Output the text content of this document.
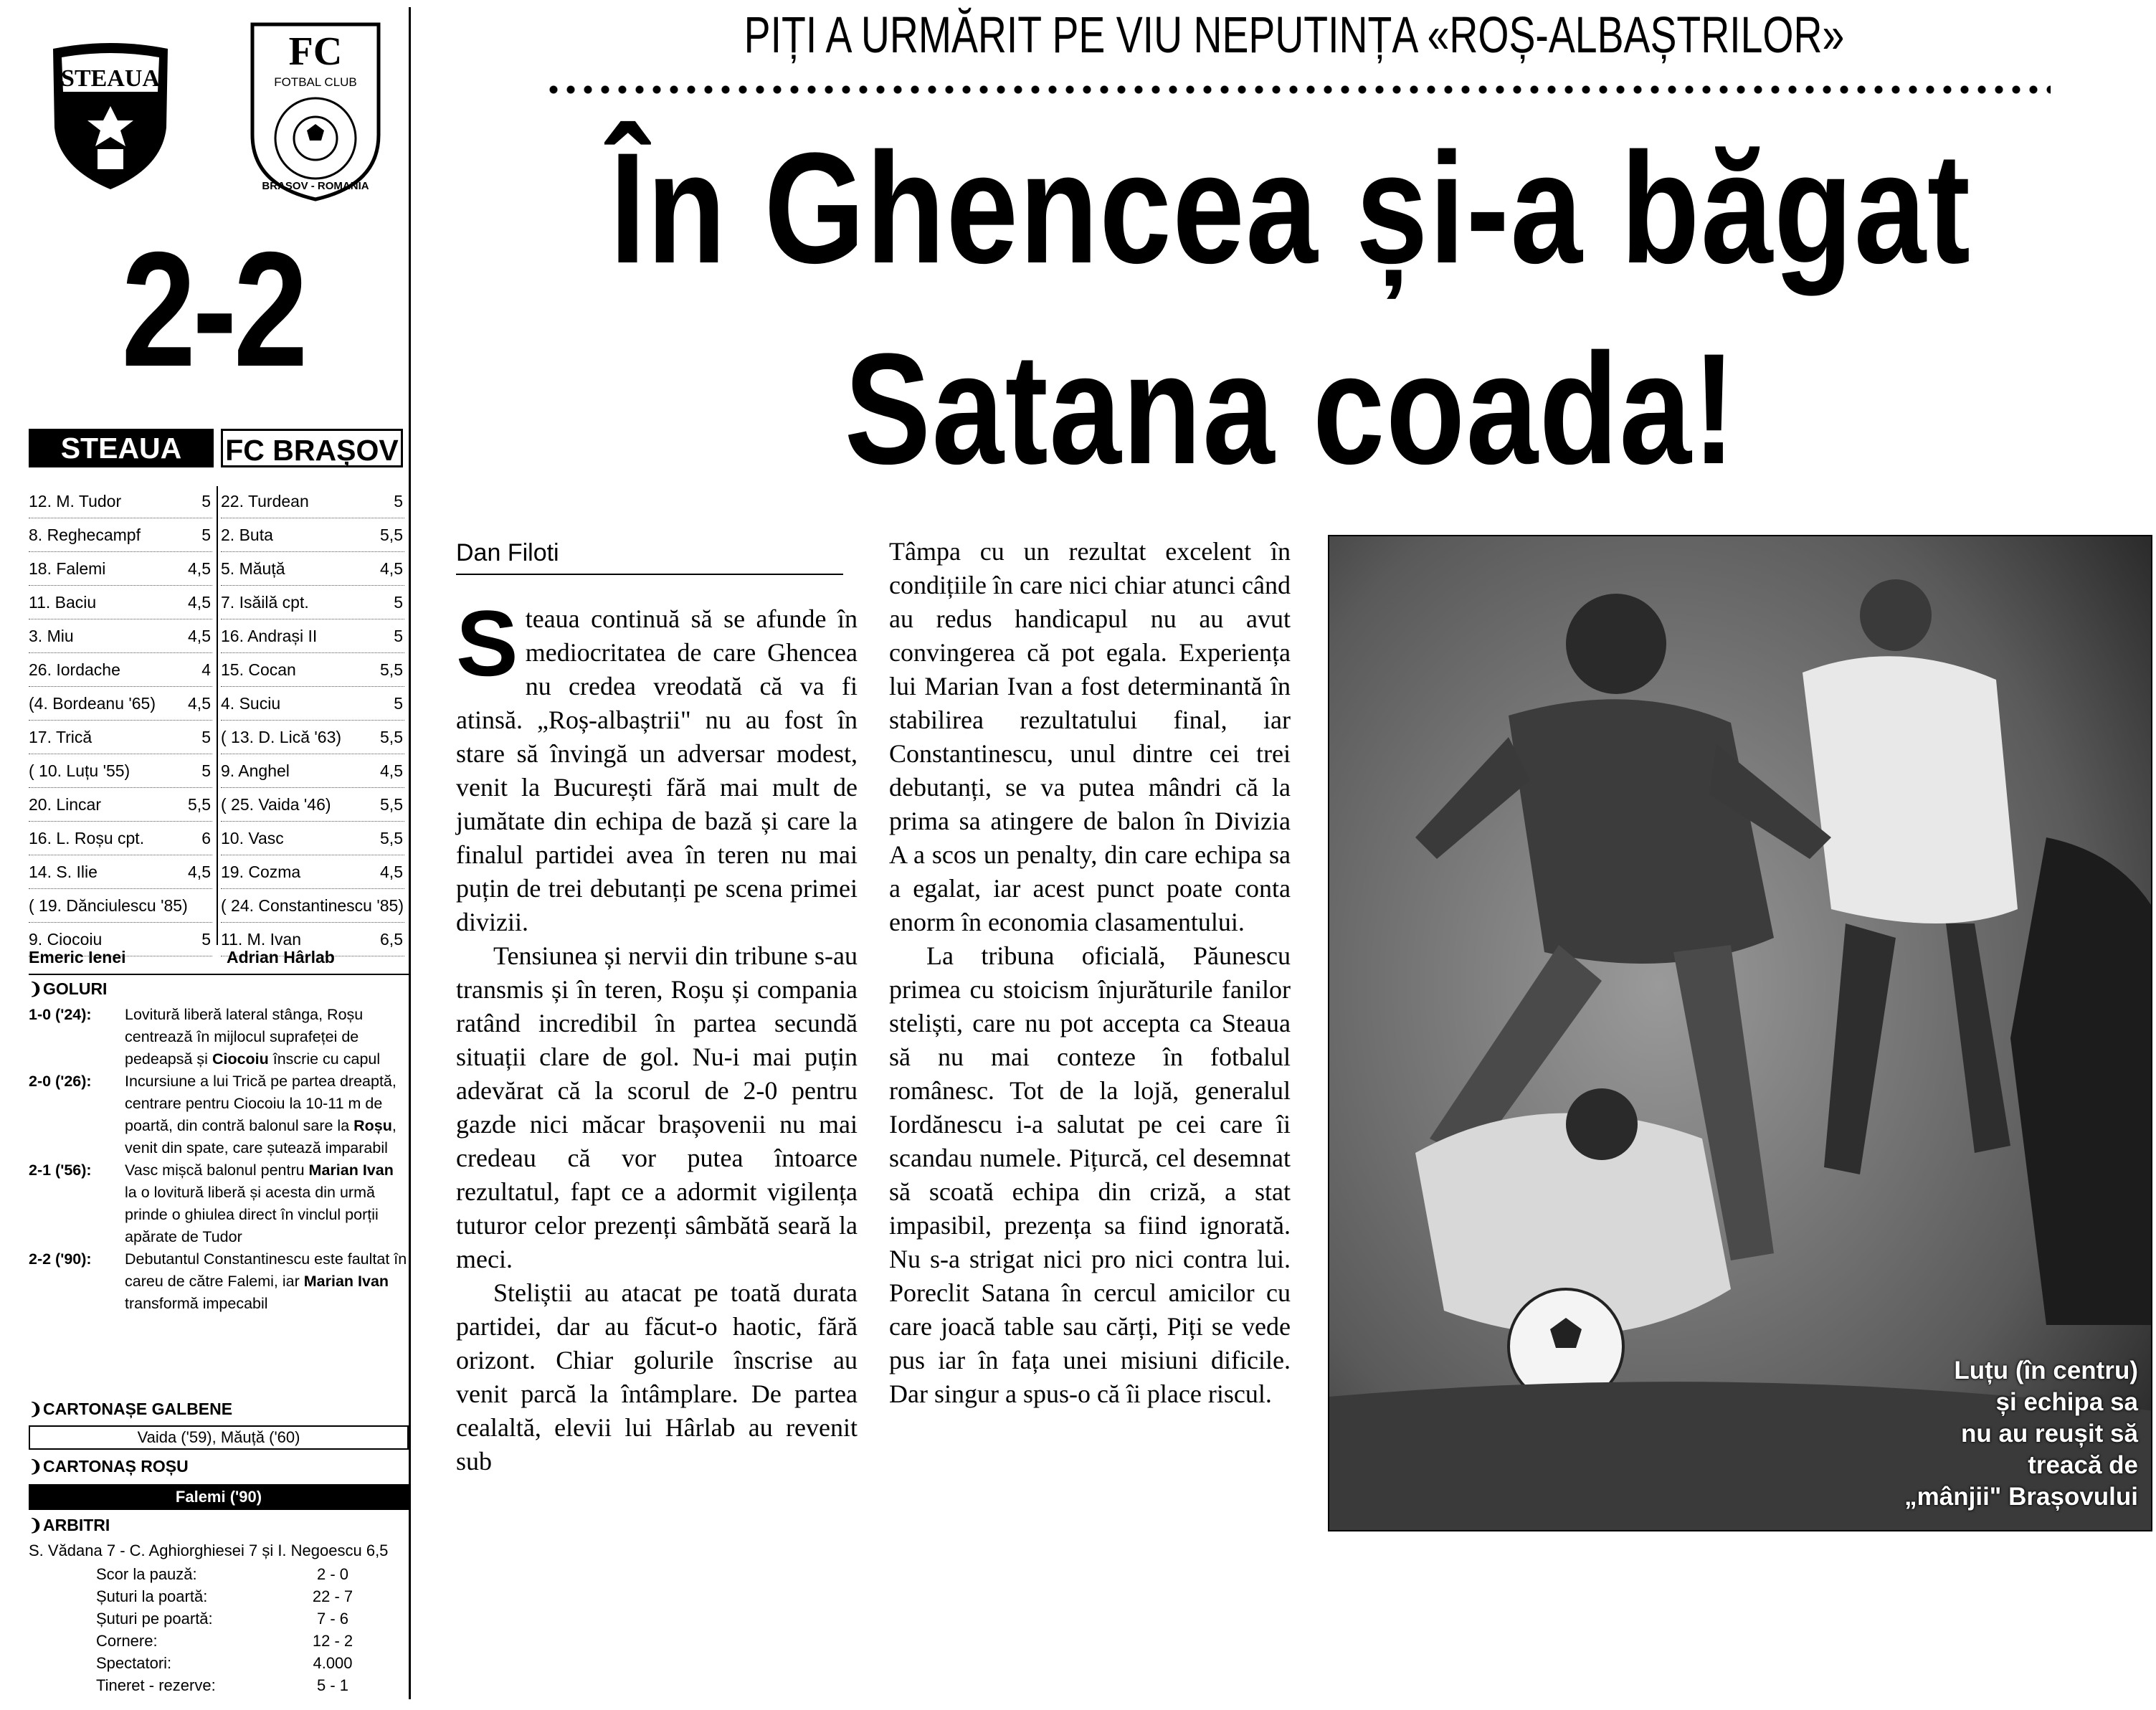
STEAUA
FC
FOTBAL CLUB
BRAȘOV - ROMANIA
2-2
STEAUA	FC BRAȘOV
12. M. Tudor	5
8. Reghecampf	5
18. Falemi	4,5
11. Baciu	4,5
3. Miu	4,5
26. Iordache	4
(4. Bordeanu '65) 4,5
17. Trică	5
( 10. Luțu '55)	5
20. Lincar	5,5
16. L. Roșu cpt.	6
14. S. Ilie	4,5
( 19. Dănciulescu '85)
9. Ciocoiu	5
22. Turdean	5
2. Buta	5,5
5. Măuță	4,5
7. Isăilă cpt.	5
16. Andrași II	5
15. Cocan	5,5
4. Suciu	5
( 13. D. Lică '63) 5,5
9. Anghel	4,5
( 25. Vaida '46)	5,5
10. Vasc	5,5
19. Cozma	4,5
( 24. Constantinescu '85)
11. M. Ivan	6,5
Emeric Ienei	Adrian Hârlab
❩GOLURI
1-0 ('24):	Lovitură liberă lateral stânga, Roșu centrează în mijlocul suprafeței de pedeapsă și Ciocoiu înscrie cu capul
2-0 ('26):	Incursiune a lui Trică pe partea dreaptă, centrare pentru Ciocoiu la 10-11 m de poartă, din contră balonul sare la Roșu, venit din spate, care șutează imparabil
2-1 ('56):	Vasc mișcă balonul pentru Marian Ivan la o lovitură liberă și acesta din urmă prinde o ghiulea direct în vinclul porții apărate de Tudor
2-2 ('90):	Debutantul Constantinescu este faultat în careu de către Falemi, iar Marian Ivan transformă impecabil
❩CARTONAȘE GALBENE
Vaida ('59), Măuță ('60)
❩CARTONAȘ ROȘU
Falemi ('90)
❩ARBITRI
S. Vădana 7 - C. Aghiorghiesei 7 și I. Negoescu 6,5
Scor la pauză:	2 - 0
Șuturi la poartă:	22 - 7
Șuturi pe poartă:	7 - 6
Cornere:	12 - 2
Spectatori:	4.000
Tineret - rezerve:	5 - 1
PIȚI A URMĂRIT PE VIU NEPUTINȚA «ROȘ-ALBAȘTRILOR»
În Ghencea și-a băgat
Satana coada!
Dan Filoti

Steaua continuă să se afunde în mediocritatea de care Ghencea nu credea vreodată că va fi atinsă. „Roș-albaștrii" nu au fost în stare să învingă un adversar modest, venit la București fără mai mult de jumătate din echipa de bază și care la finalul partidei avea în teren nu mai puțin de trei debutanți pe scena primei divizii.

Tensiunea și nervii din tribune s-au transmis și în teren, Roșu și compania ratând incredibil în partea secundă situații clare de gol. Nu-i mai puțin adevărat că la scorul de 2-0 pentru gazde nici măcar brașovenii nu mai credeau că vor putea întoarce rezultatul, fapt ce a adormit vigilența tuturor celor prezenți sâmbătă seară la meci.

Steliștii au atacat pe toată durata partidei, dar au făcut-o haotic, fără orizont. Chiar golurile înscrise au venit parcă la întâmplare. De partea cealaltă, elevii lui Hârlab au revenit sub

Tâmpa cu un rezultat excelent în condițiile în care nici chiar atunci când au redus handicapul nu au avut convingerea că pot egala. Experiența lui Marian Ivan a fost determinantă în stabilirea rezultatului final, iar Constantinescu, unul dintre cei trei debutanți, se va putea mândri că la prima sa atingere de balon în Divizia A a scos un penalty, din care echipa sa a egalat, iar acest punct poate conta enorm în economia clasamentului.

La tribuna oficială, Păunescu primea cu stoicism înjurăturile fanilor steliști, care nu pot accepta ca Steaua să nu mai conteze în fotbalul românesc. Tot de la lojă, generalul Iordănescu i-a salutat pe cei care îi scandau numele. Pițurcă, cel desemnat să scoată echipa din criză, a stat impasibil, prezența sa fiind ignorată. Nu s-a strigat nici pro nici contra lui. Poreclit Satana în cercul amicilor cu care joacă table sau cărți, Piți se vede pus iar în fața unei misiuni dificile. Dar singur a spus-o că îi place riscul.

Luțu (în centru)
și echipa sa
nu au reușit să
treacă de
„mânjii" Brașovului
